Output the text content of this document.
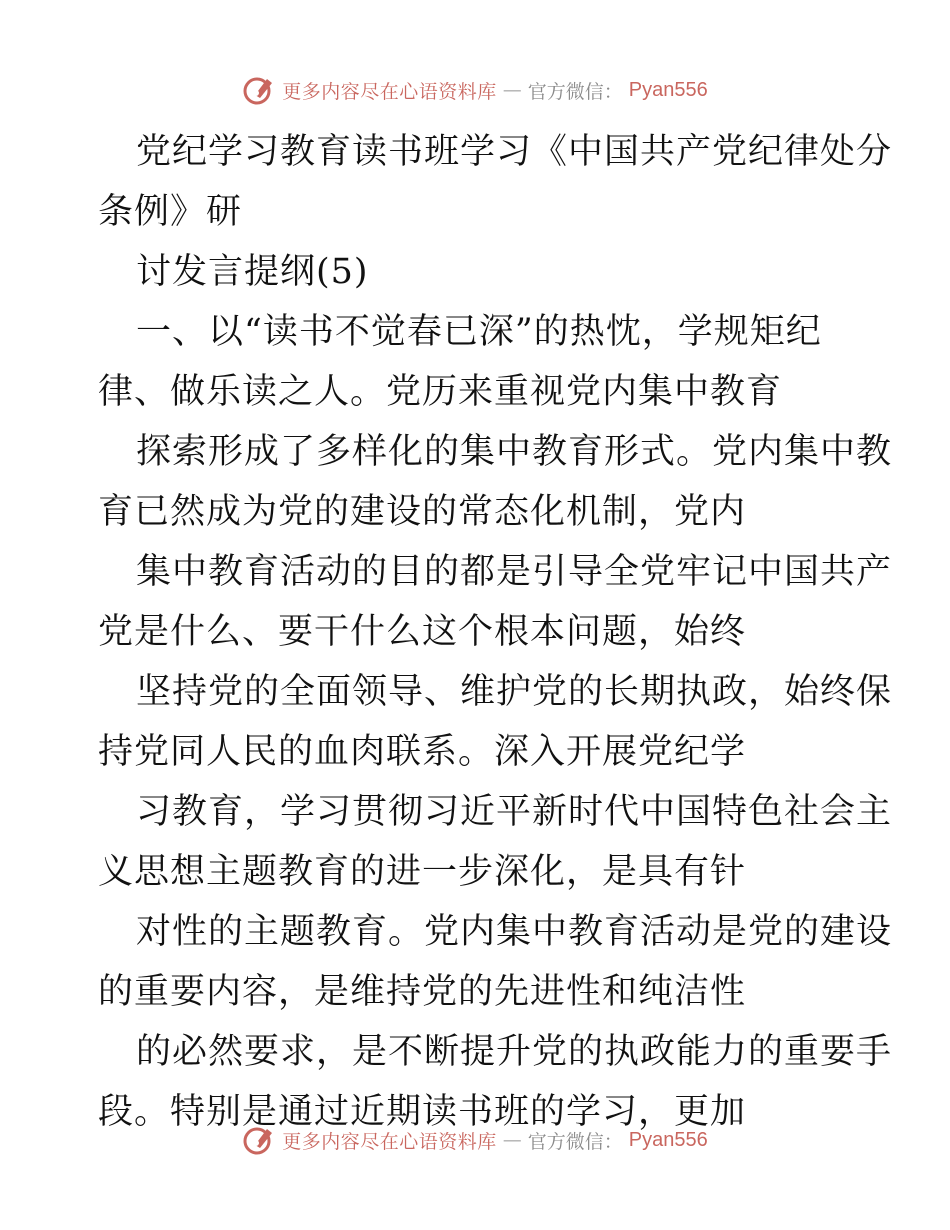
更多内容尽在心语资料库 — 官方微信： Pyan556
党纪学习教育读书班学习《中国共产党纪律处分
条例》研
讨发言提纲(5)
一、以“读书不觉春已深”的热忱，学规矩纪
律、做乐读之人。党历来重视党内集中教育
探索形成了多样化的集中教育形式。党内集中教
育已然成为党的建设的常态化机制，党内
集中教育活动的目的都是引导全党牢记中国共产
党是什么、要干什么这个根本问题，始终
坚持党的全面领导、维护党的长期执政，始终保
持党同人民的血肉联系。深入开展党纪学
习教育，学习贯彻习近平新时代中国特色社会主
义思想主题教育的进一步深化，是具有针
对性的主题教育。党内集中教育活动是党的建设
的重要内容，是维持党的先进性和纯洁性
的必然要求，是不断提升党的执政能力的重要手
段。特别是通过近期读书班的学习，更加
更多内容尽在心语资料库 — 官方微信： Pyan556
